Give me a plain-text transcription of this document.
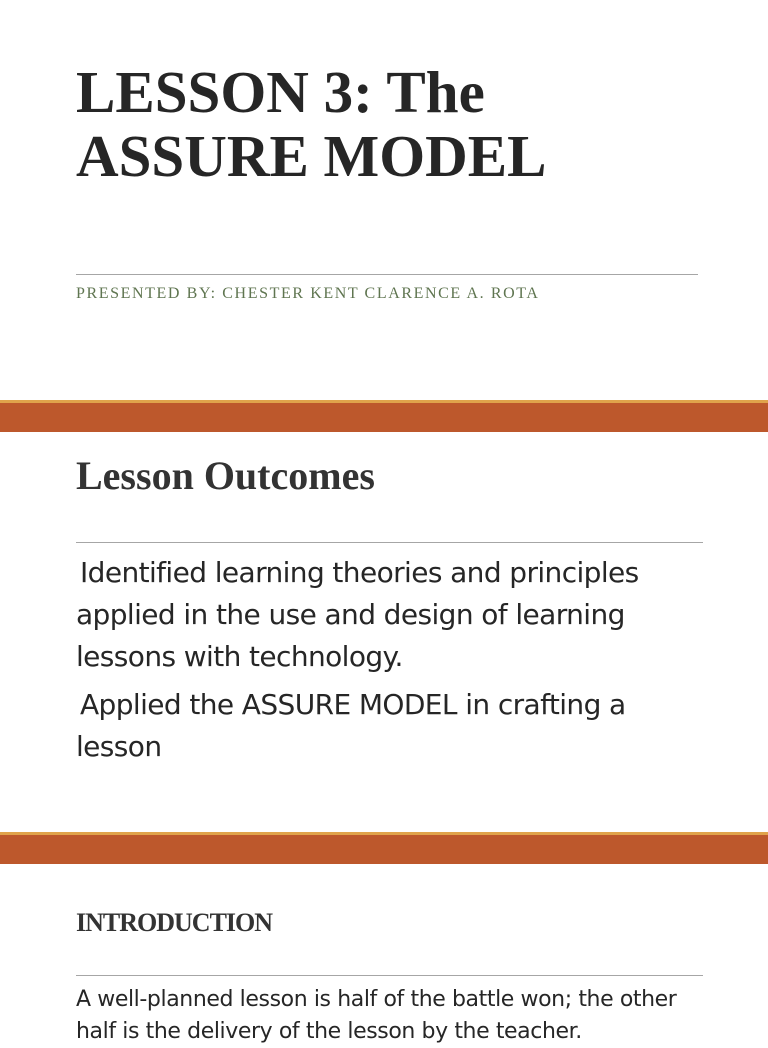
LESSON 3: The
ASSURE MODEL

PRESENTED BY: CHESTER KENT CLARENCE A. ROTA

Lesson Outcomes
Identified learning theories and principles applied in the use and design of learning lessons with technology.
Applied the ASSURE MODEL in crafting a lesson
INTRODUCTION

A well-planned lesson is half of the battle won; the other half is the delivery of the lesson by the teacher.
